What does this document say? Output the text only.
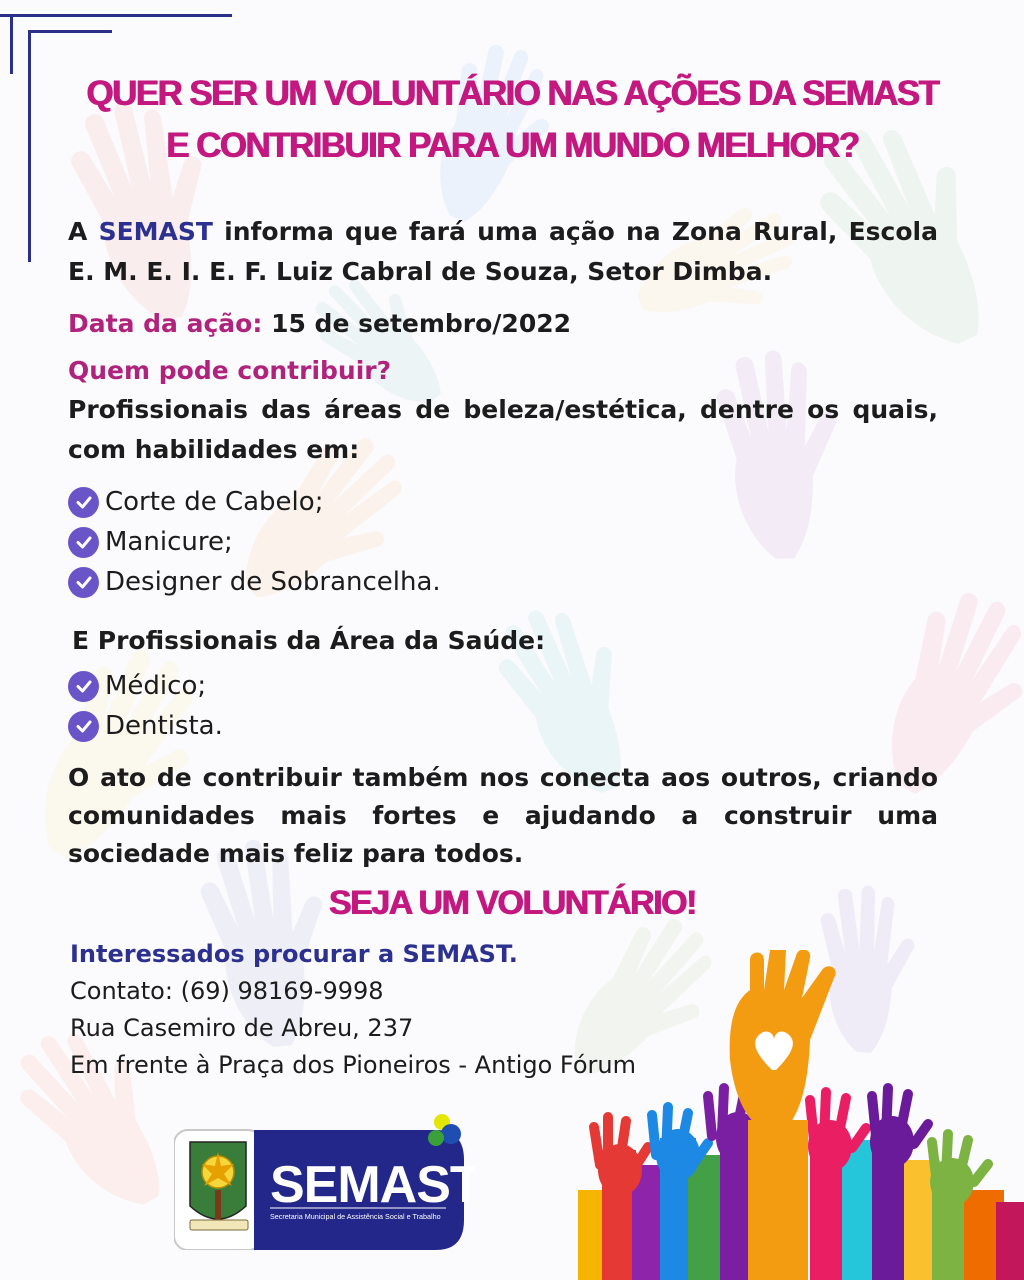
QUER SER UM VOLUNTÁRIO NAS AÇÕES DA SEMAST
E CONTRIBUIR PARA UM MUNDO MELHOR?

A SEMAST informa que fará uma ação na Zona Rural, Escola E. M. E. I. E. F. Luiz Cabral de Souza, Setor Dimba.

Data da ação: 15 de setembro/2022
Quem pode contribuir?

Profissionais das áreas de beleza/estética, dentre os quais, com habilidades em:

Corte de Cabelo;
Manicure;
Designer de Sobrancelha.
E Profissionais da Área da Saúde:
Médico;
Dentista.

O ato de contribuir também nos conecta aos outros, criando comunidades mais fortes e ajudando a construir uma sociedade mais feliz para todos.

SEJA UM VOLUNTÁRIO!
Interessados procurar a SEMAST.
Contato: (69) 98169-9998
Rua Casemiro de Abreu, 237
Em frente à Praça dos Pioneiros - Antigo Fórum
SEMAST
Secretaria Municipal de Assistência Social e Trabalho
